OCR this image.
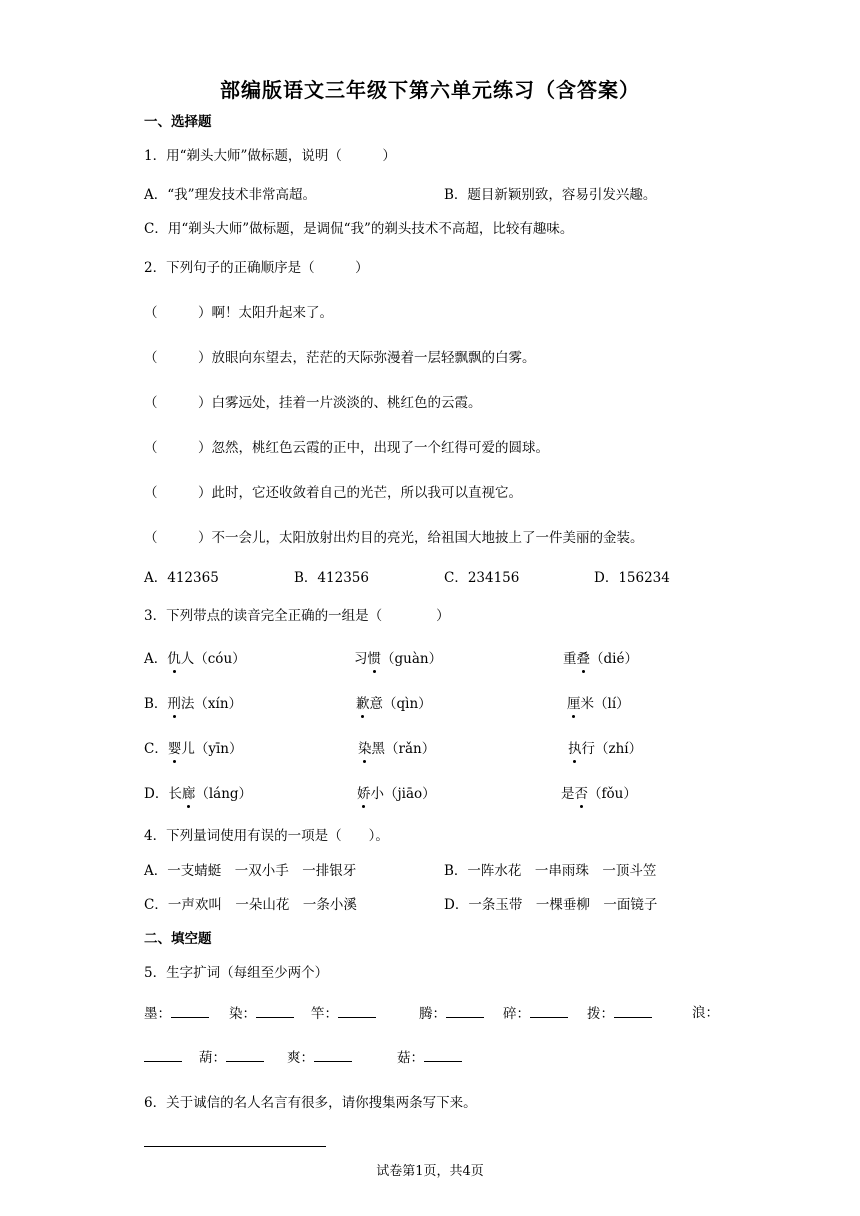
部编版语文三年级下第六单元练习（含答案）
一、选择题
1．用“剃头大师”做标题，说明（　　　）
A．“我”理发技术非常高超。	B．题目新颖别致，容易引发兴趣。
C．用“剃头大师”做标题，是调侃“我”的剃头技术不高超，比较有趣味。
2．下列句子的正确顺序是（　　　）
（　　　）啊！太阳升起来了。
（　　　）放眼向东望去，茫茫的天际弥漫着一层轻飘飘的白雾。
（　　　）白雾远处，挂着一片淡淡的、桃红色的云霞。
（　　　）忽然，桃红色云霞的正中，出现了一个红得可爱的圆球。
（　　　）此时，它还收敛着自己的光芒，所以我可以直视它。
（　　　）不一会儿，太阳放射出灼目的亮光，给祖国大地披上了一件美丽的金装。
A．412365	B．412356	C．234156	D．156234
3．下列带点的读音完全正确的一组是（　　　　）
A．仇人（cóu）	习惯（guàn）	重叠（dié）
B．刑法（xín）	歉意（qìn）	厘米（lí）
C．婴儿（yīn）	染黑（rǎn）	执行（zhí）
D．长廊（láng）	娇小（jiāo）	是否（fǒu）
4．下列量词使用有误的一项是（　　）。
A．一支蜻蜓　一双小手　一排银牙	B．一阵水花　一串雨珠　一顶斗笠
C．一声欢叫　一朵山花　一条小溪	D．一条玉带　一棵垂柳　一面镜子
二、填空题
5．生字扩词（每组至少两个）
墨：	染：	竿：	腾：	碎：	拨：	浪：
葫：	爽：	菇：
6．关于诚信的名人名言有很多，请你搜集两条写下来。
试卷第1页，共4页
